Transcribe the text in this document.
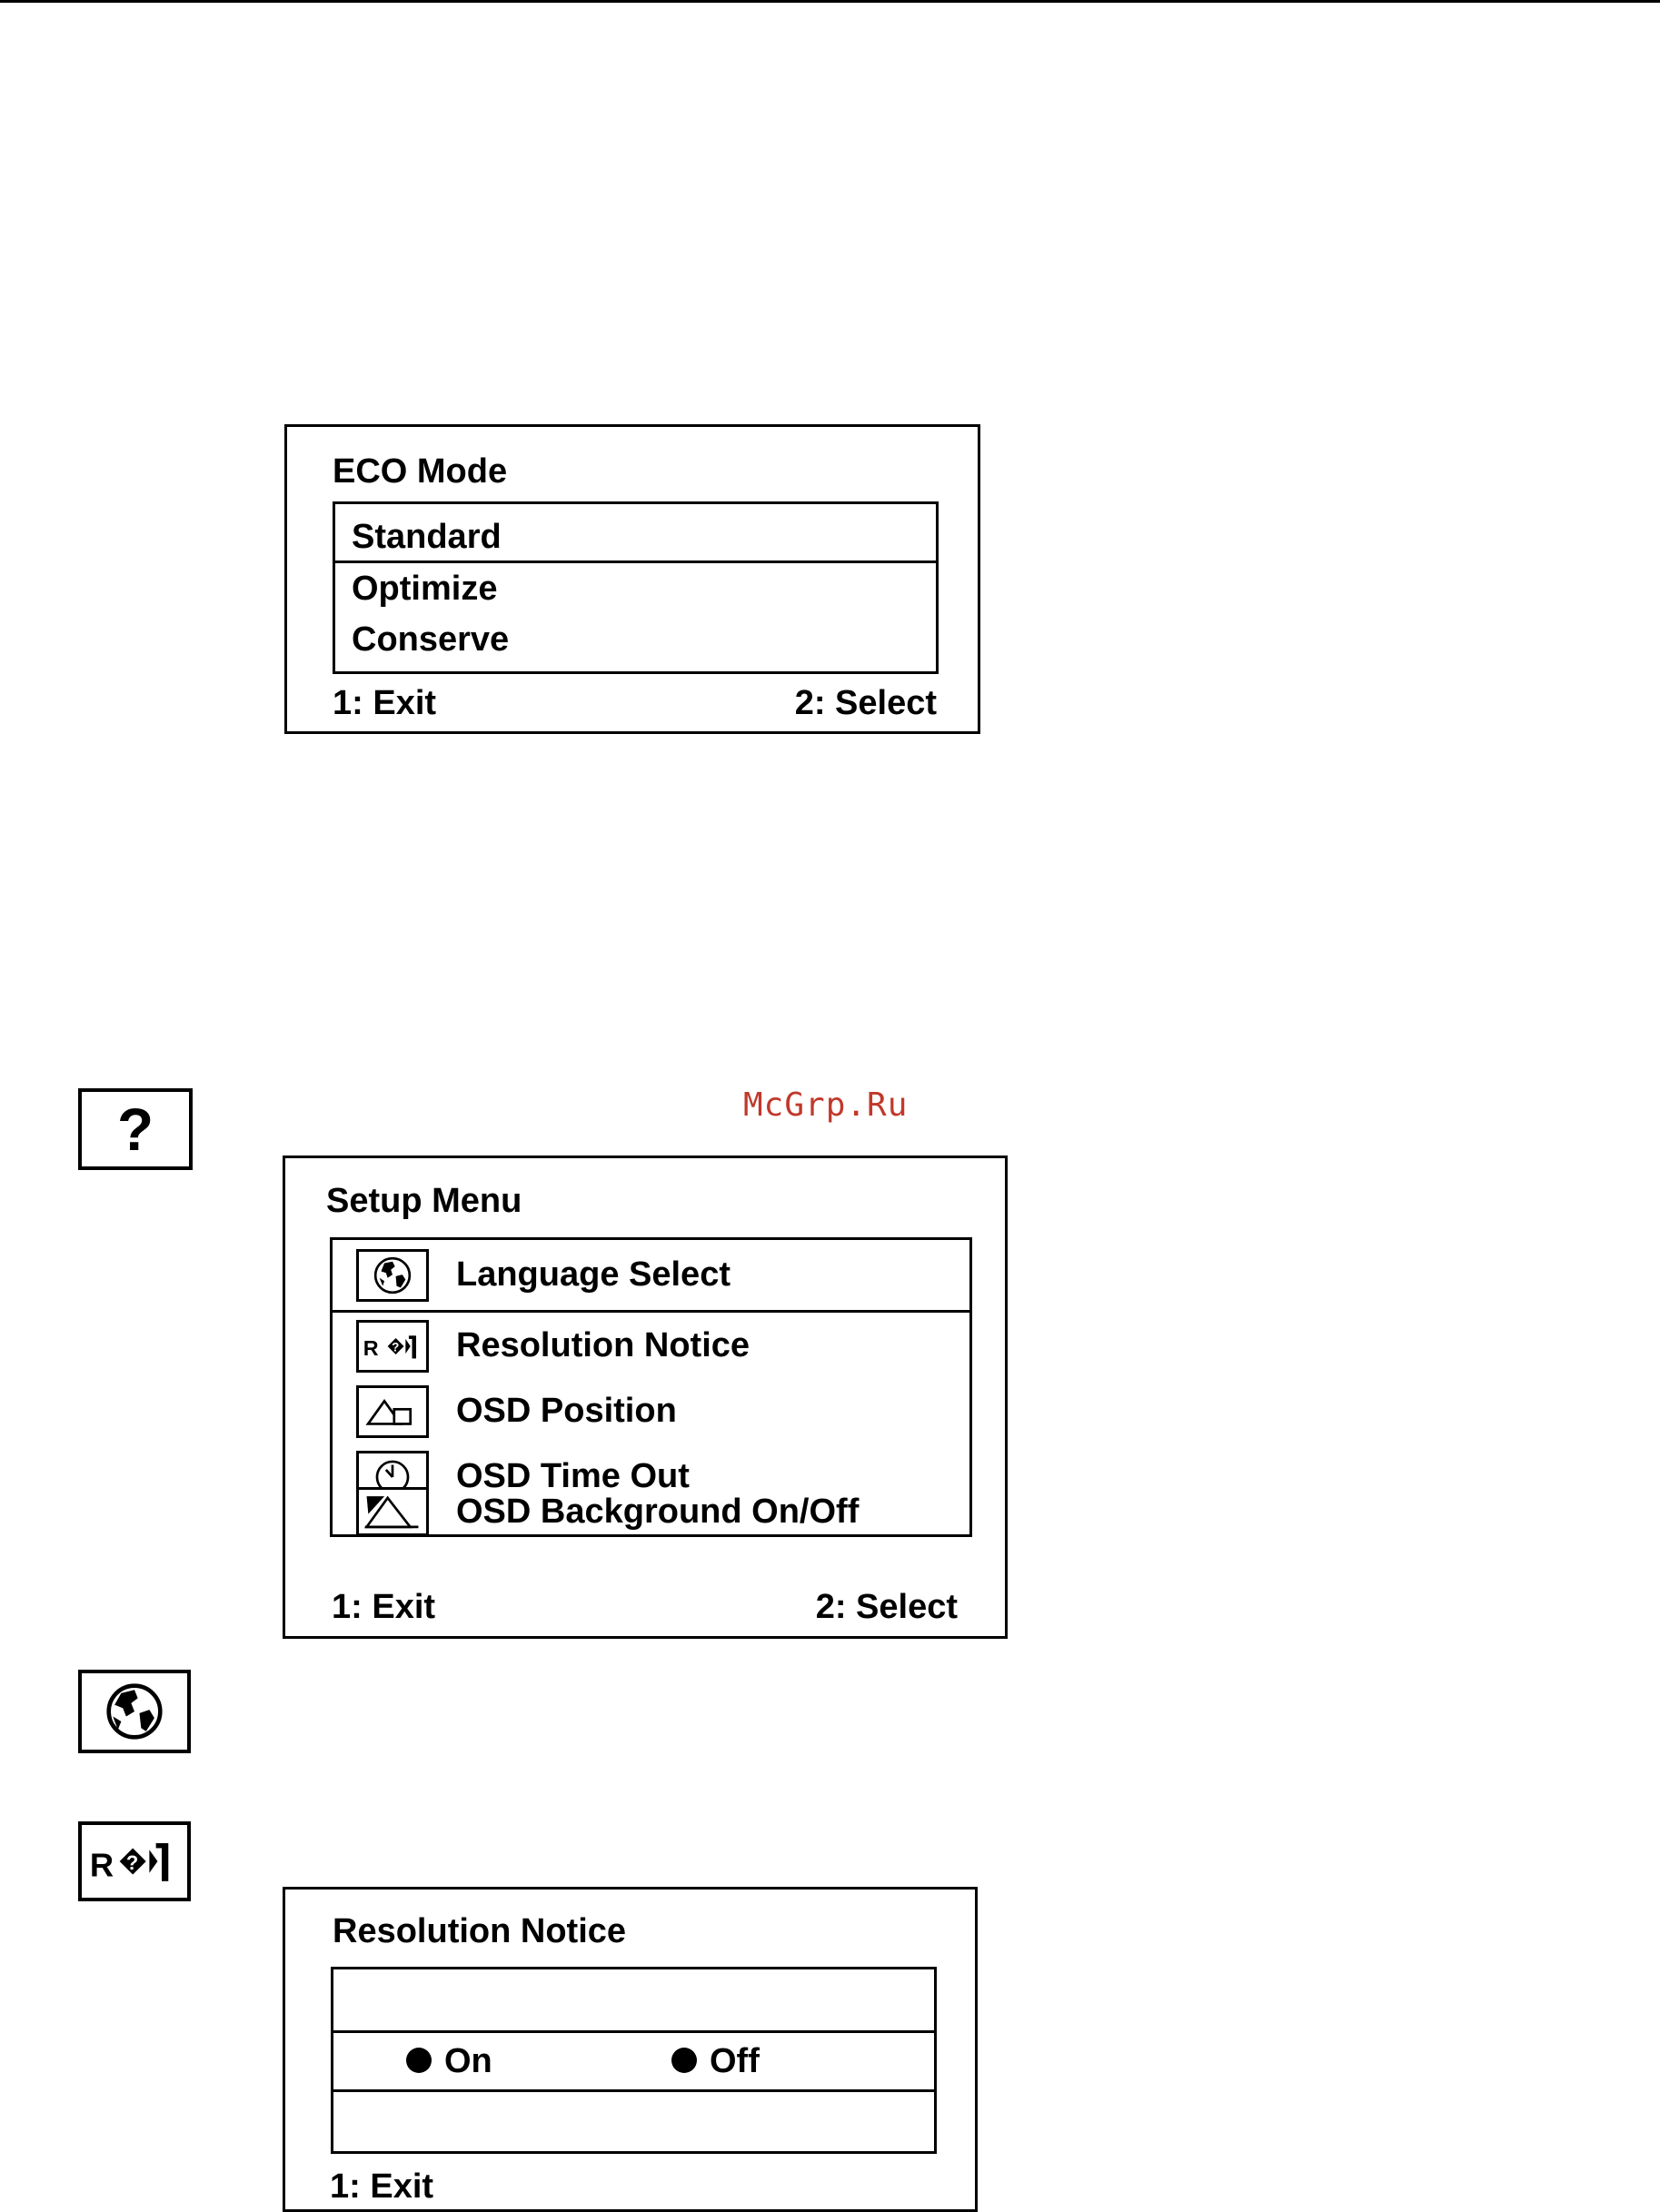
ECO Mode
Standard
Optimize
Conserve
1: Exit	2: Select
McGrp.Ru
?
Setup Menu
Language Select
R ? Resolution Notice
OSD Position
OSD Time Out
OSD Background On/Off
1: Exit	2: Select
R ?
Resolution Notice
On	Off
1: Exit
